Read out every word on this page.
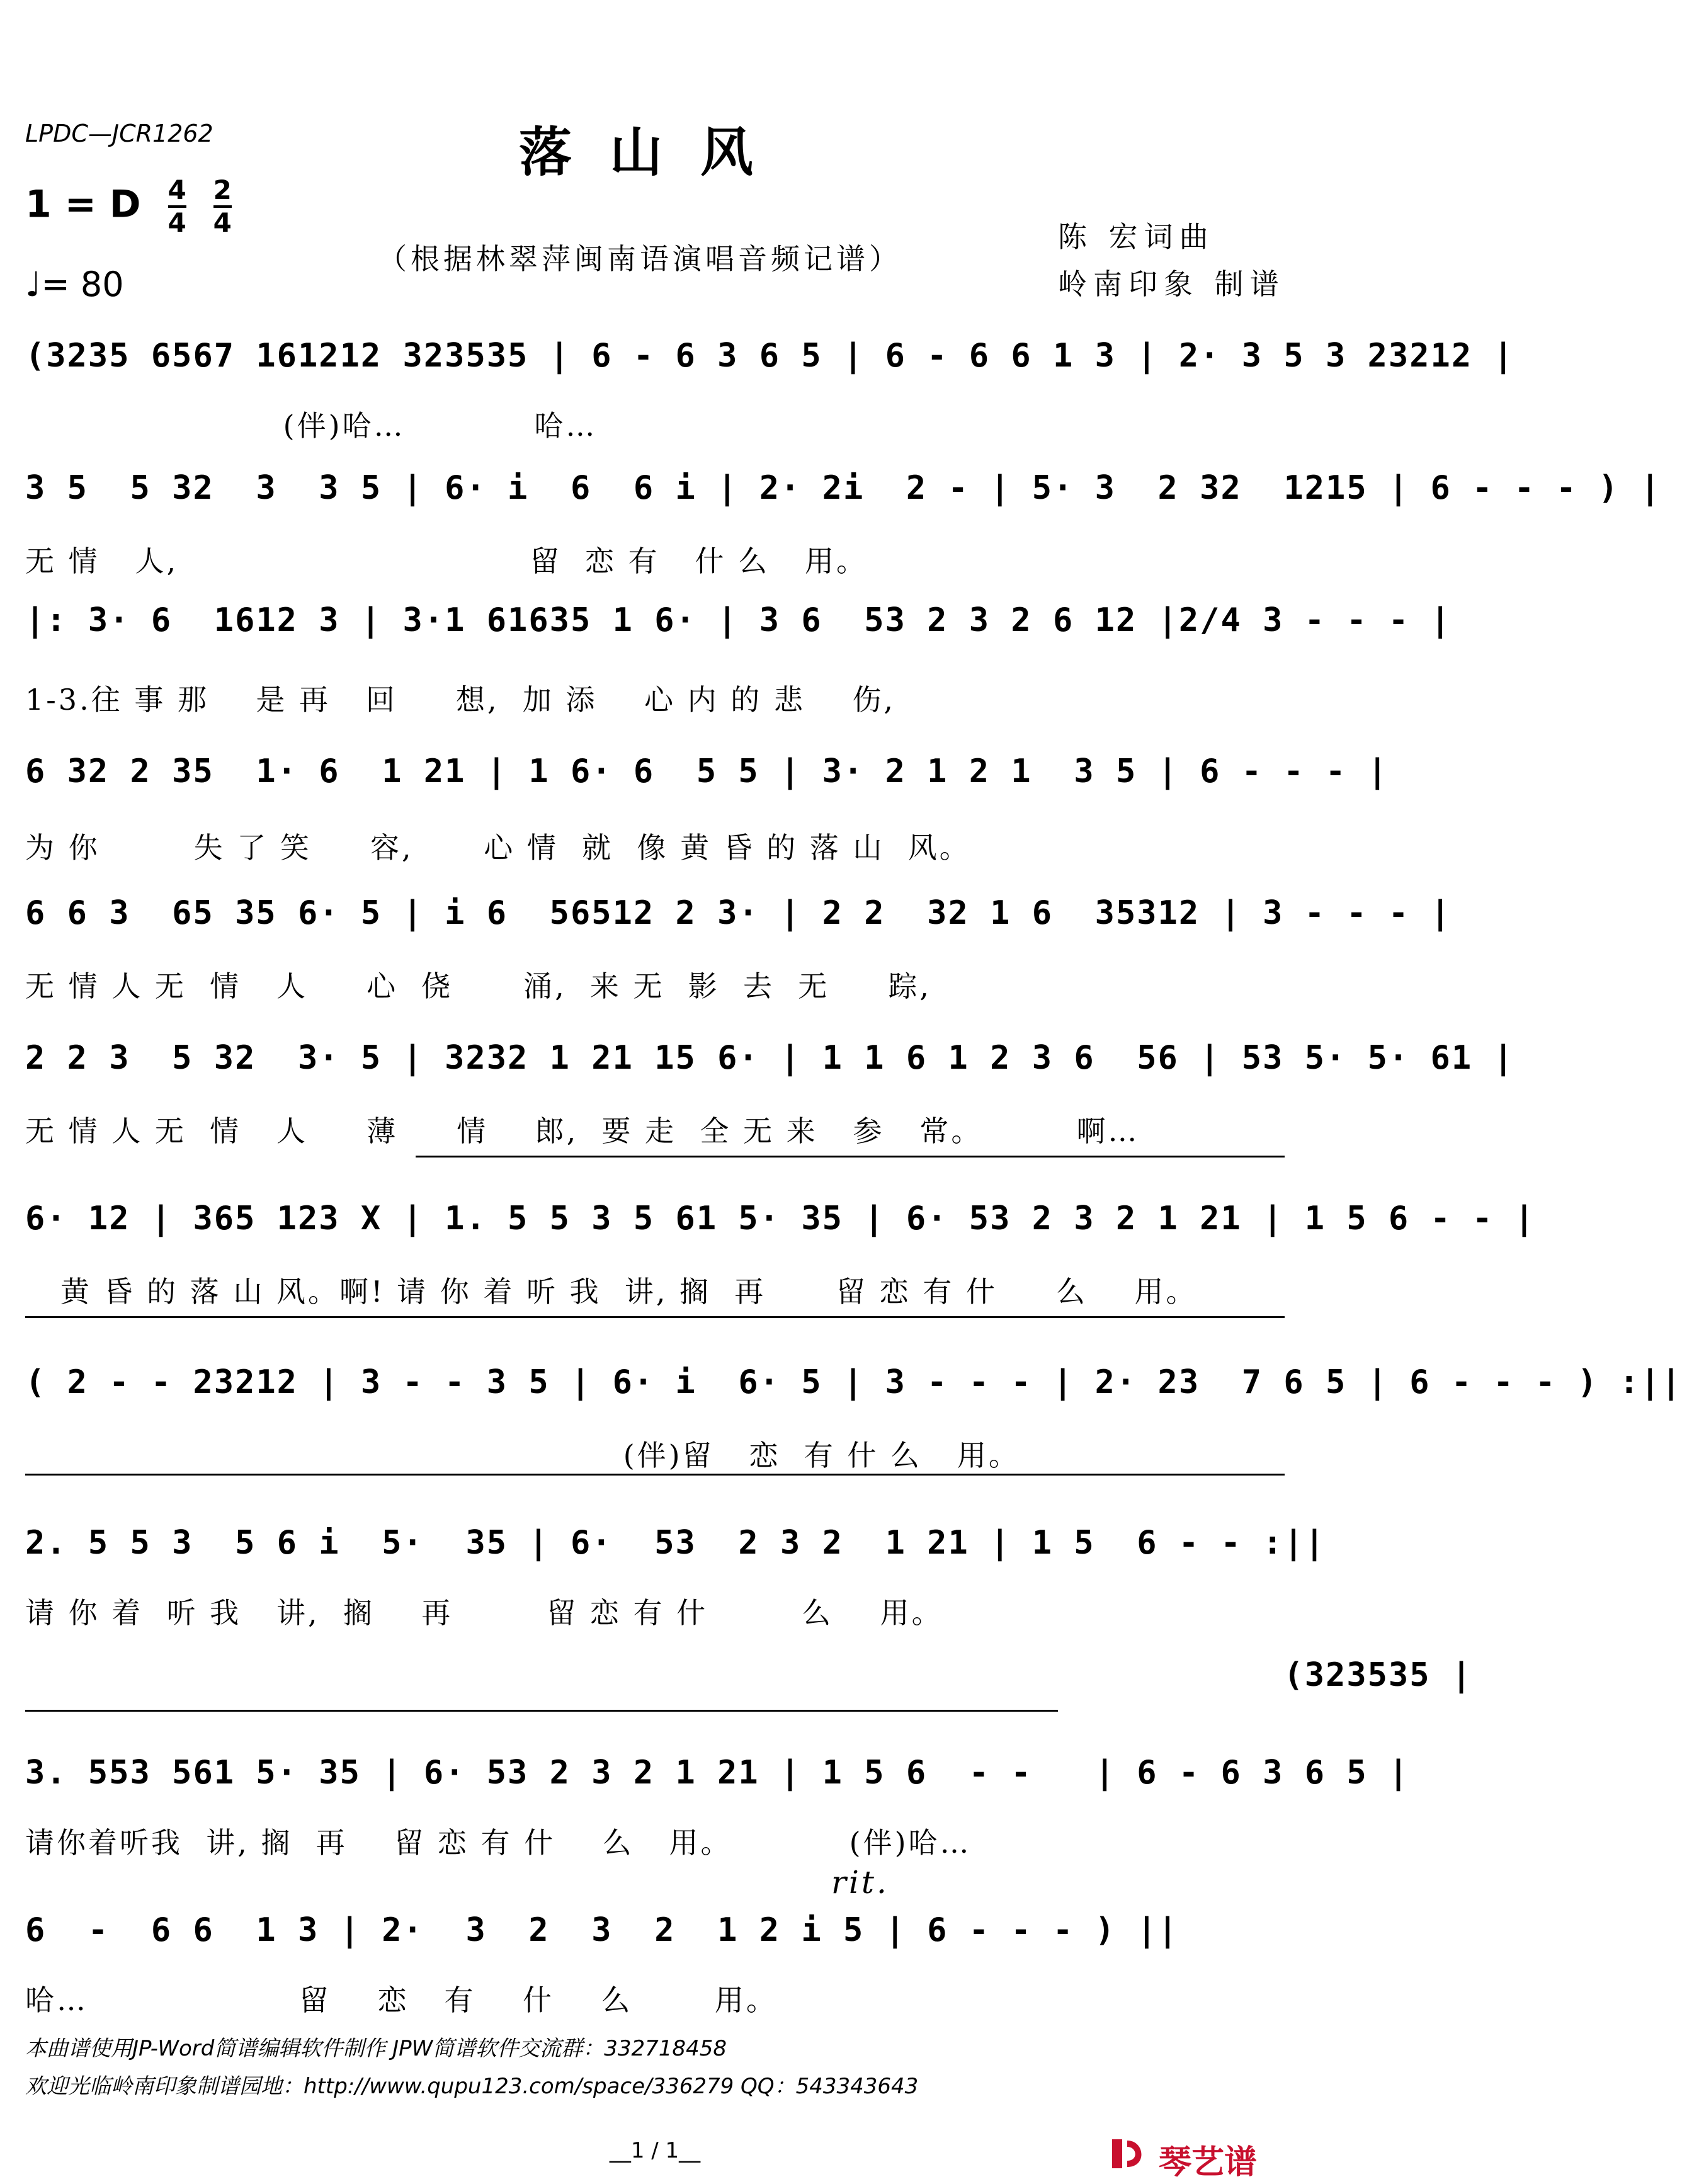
LPDC—JCR1262	落山风
1 = D $\frac{4}{4} \frac{2}{4}$
♩= 80
（根据林翠萍闽南语演唱音频记谱）
陈 宏词曲
岭南印象 制谱
(3235 6567 161212 323535 | 6 - 6 3 6 5 | 6 - 6 6 1 3 | 2· 3 5 3 23212 |
(伴)哈…           哈…
3 5  5 32  3  3 5 | 6· i  6  6 i | 2· 2i  2 - | 5· 3  2 32  1215 | 6 - - - ) |
无 情   人,                              留  恋 有   什 么   用。
|: 3· 6  1612 3 | 3·1 61635 1 6· | 3 6  53 2 3 2 6 12 |2/4 3 - - - |
1-3.往 事 那    是 再   回     想,  加 添    心 内 的 悲    伤,
6 32 2 35  1· 6  1 21 | 1 6· 6  5 5 | 3· 2 1 2 1  3 5 | 6 - - - |
为 你        失 了 笑     容,      心 情  就  像 黄 昏 的 落 山  风。
6 6 3  65 35 6· 5 | i 6  56512 2 3· | 2 2  32 1 6  35312 | 3 - - - |
无 情 人 无  情   人     心  侥      涌,  来 无  影  去  无     踪,
2 2 3  5 32  3· 5 | 3232 1 21 15 6· | 1 1 6 1 2 3 6  56 | 53 5· 5· 61 |
无 情 人 无  情   人     薄     情    郎,  要 走  全 无 来   参   常。        啊…
6· 12 | 365 123 X | 1. 5 5 3 5 61 5· 35 | 6· 53 2 3 2 1 21 | 1 5 6 - - |
黄 昏 的 落 山 风。啊! 请 你 着 听 我  讲, 搁  再      留 恋 有 什     么    用。
( 2 - - 23212 | 3 - - 3 5 | 6· i  6· 5 | 3 - - - | 2· 23  7 6 5 | 6 - - - ) :||
(伴)留   恋  有 什 么   用。
2. 5 5 3  5 6 i  5·  35 | 6·  53  2 3 2  1 21 | 1 5  6 - - :||
请 你 着  听 我   讲,  搁    再        留 恋 有 什        么    用。
(323535 |
3. 553 561 5· 35 | 6· 53 2 3 2 1 21 | 1 5 6  - -   | 6 - 6 3 6 5 |
请你着听我  讲, 搁  再    留 恋 有 什    么   用。          (伴)哈…
rit.
6  -  6 6  1 3 | 2·  3  2  3  2  1 2 i 5 | 6 - - - ) ||
哈…                  留    恋   有    什    么       用。
本曲谱使用JP-Word简谱编辑软件制作 JPW简谱软件交流群：332718458
欢迎光临岭南印象制谱园地：http://www.qupu123.com/space/336279 QQ：543343643
__1 / 1__	琴艺谱
